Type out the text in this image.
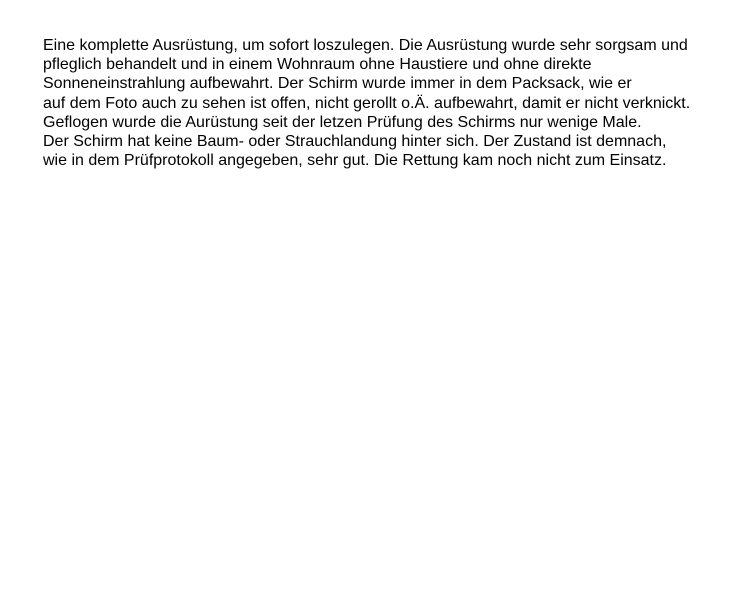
Eine komplette Ausrüstung, um sofort loszulegen. Die Ausrüstung wurde sehr sorgsam und
pfleglich behandelt und in einem Wohnraum ohne Haustiere und ohne direkte
Sonneneinstrahlung aufbewahrt. Der Schirm wurde immer in dem Packsack, wie er
auf dem Foto auch zu sehen ist offen, nicht gerollt o.Ä. aufbewahrt, damit er nicht verknickt.
Geflogen wurde die Aurüstung seit der letzen Prüfung des Schirms nur wenige Male.
Der Schirm hat keine Baum- oder Strauchlandung hinter sich. Der Zustand ist demnach,
wie in dem Prüfprotokoll angegeben, sehr gut. Die Rettung kam noch nicht zum Einsatz.
